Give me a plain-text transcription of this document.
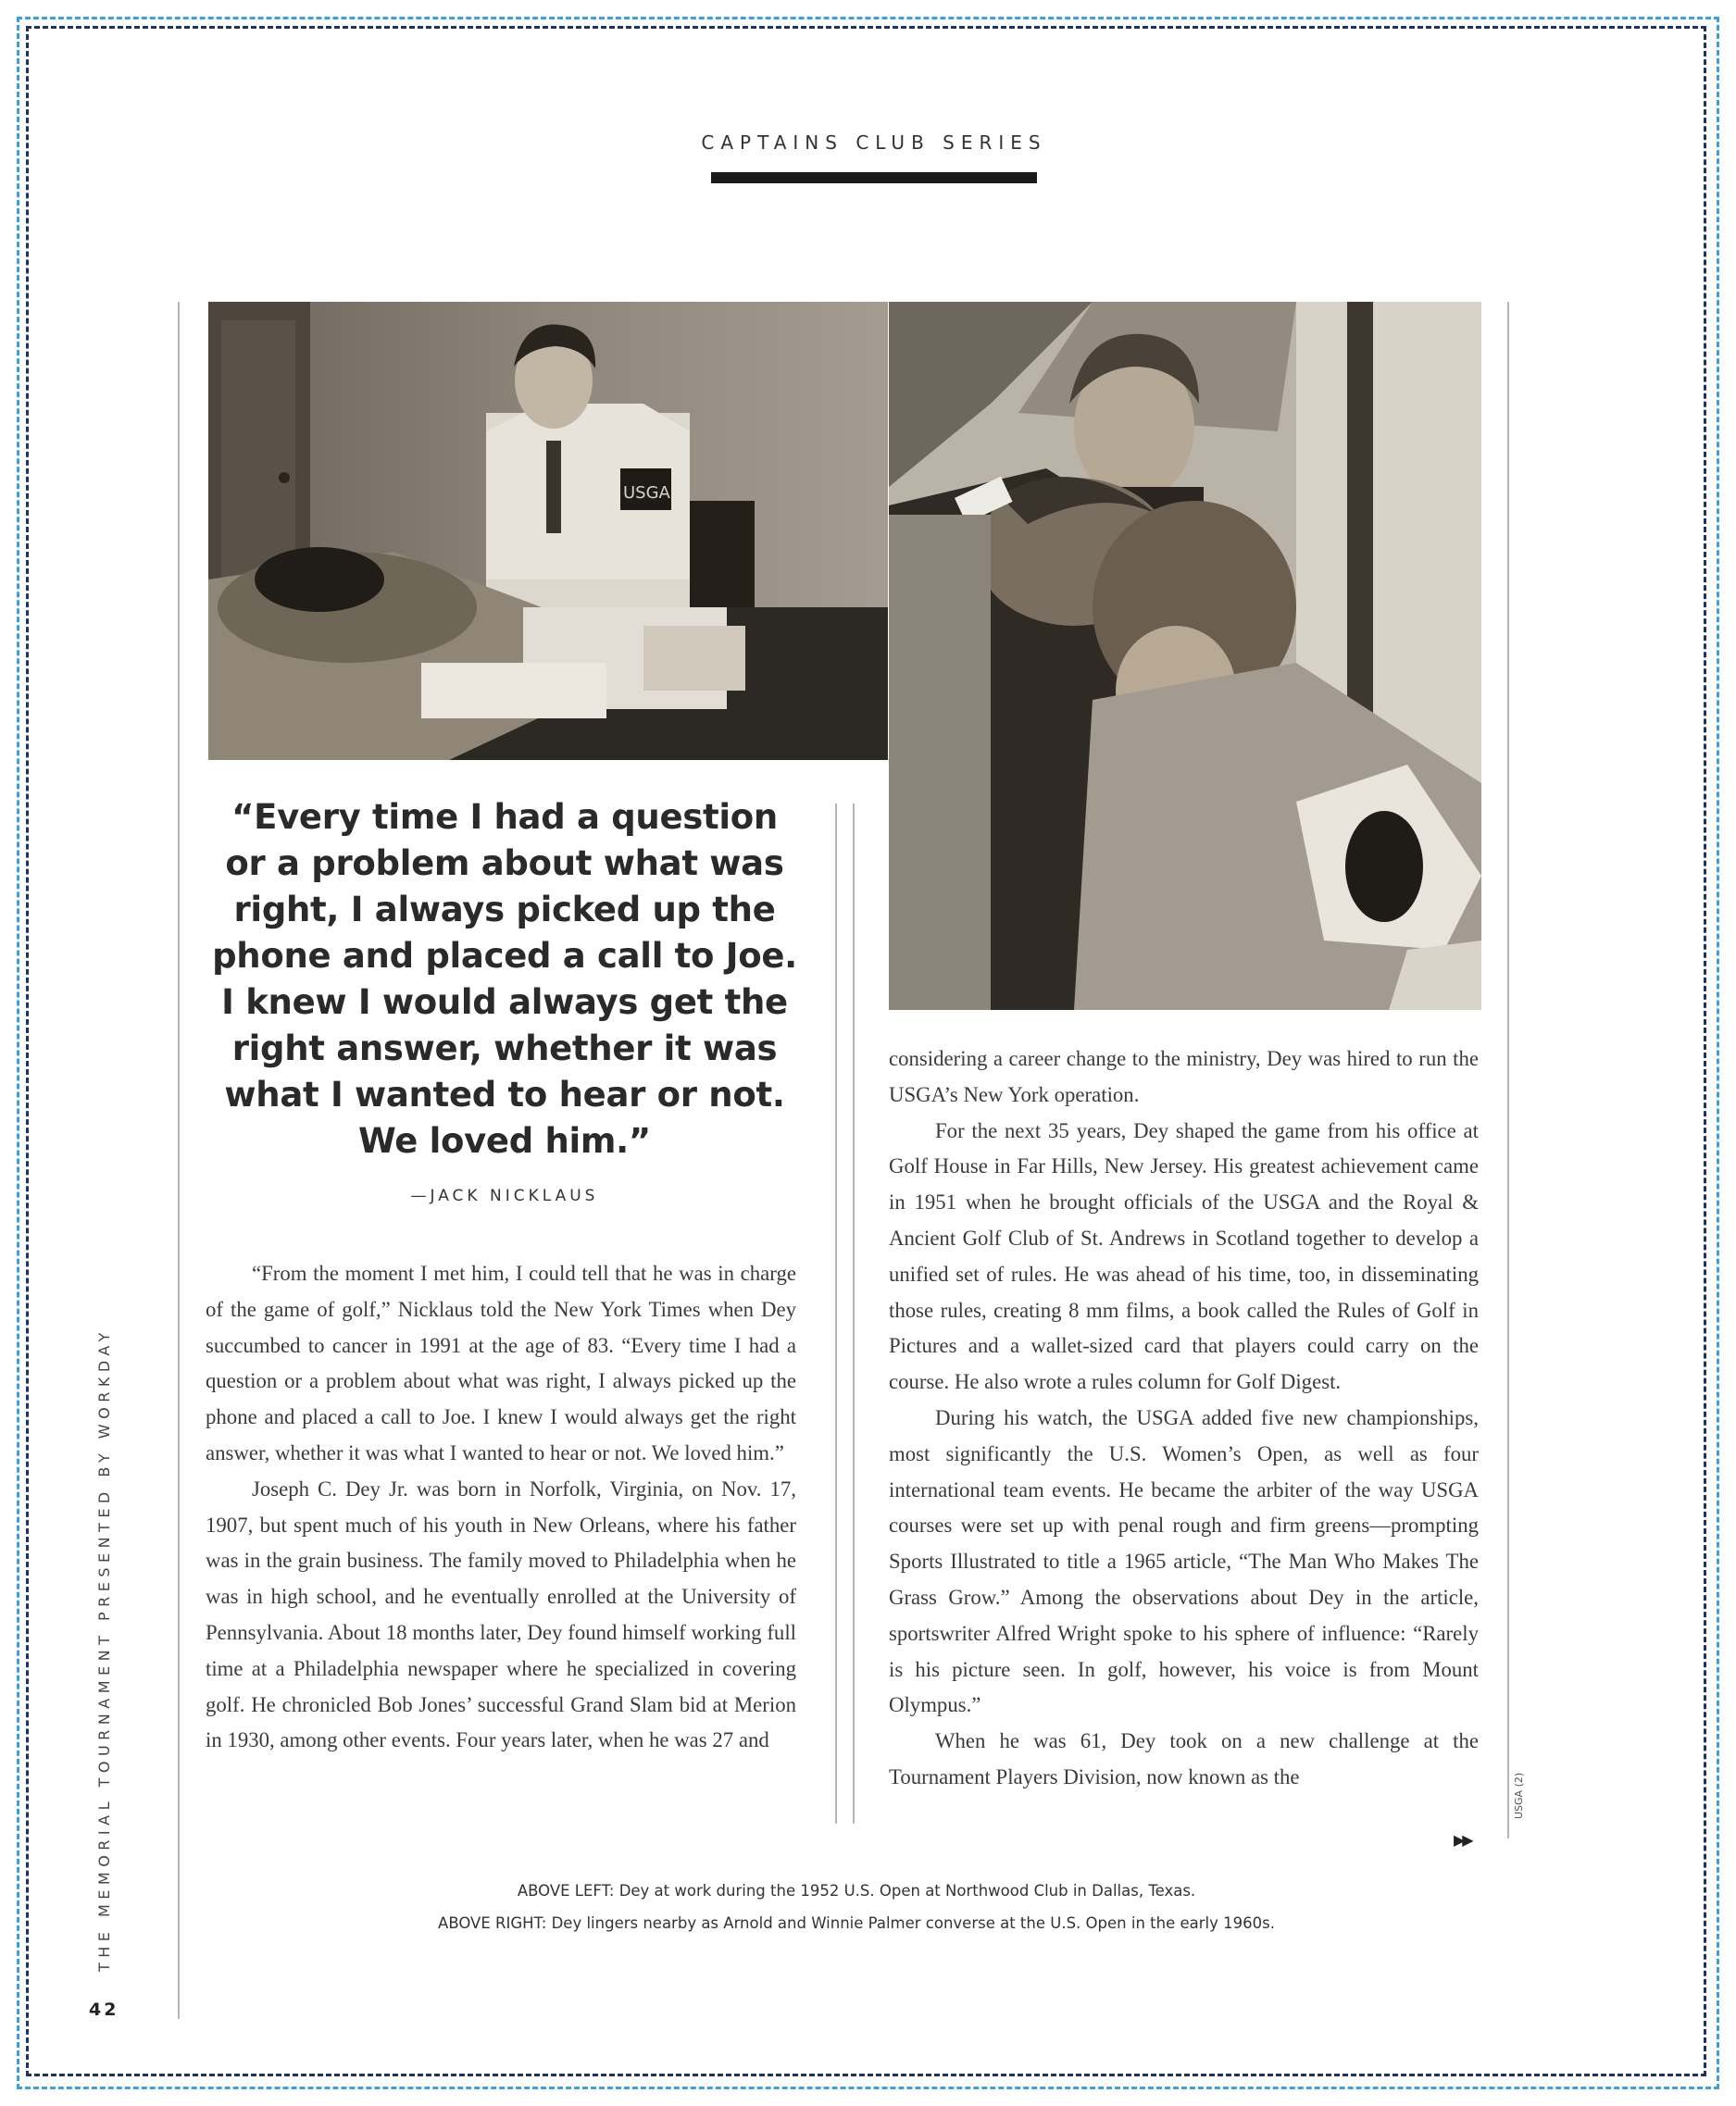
CAPTAINS CLUB SERIES
USGA
“Every time I had a question
or a problem about what was
right, I always picked up the
phone and placed a call to Joe.
I knew I would always get the
right answer, whether it was
what I wanted to hear or not.
We loved him.”
—JACK NICKLAUS

“From the moment I met him, I could tell that he was in charge of the game of golf,” Nicklaus told the New York Times when Dey succumbed to cancer in 1991 at the age of 83. “Every time I had a question or a problem about what was right, I always picked up the phone and placed a call to Joe. I knew I would always get the right answer, whether it was what I wanted to hear or not. We loved him.”

Joseph C. Dey Jr. was born in Norfolk, Virginia, on Nov. 17, 1907, but spent much of his youth in New Orleans, where his father was in the grain business. The family moved to Philadelphia when he was in high school, and he eventually enrolled at the University of Pennsylvania. About 18 months later, Dey found himself working full time at a Philadelphia newspaper where he specialized in covering golf. He chronicled Bob Jones’ successful Grand Slam bid at Merion in 1930, among other events. Four years later, when he was 27 and

considering a career change to the ministry, Dey was hired to run the USGA’s New York operation.

For the next 35 years, Dey shaped the game from his office at Golf House in Far Hills, New Jersey. His greatest achievement came in 1951 when he brought officials of the USGA and the Royal & Ancient Golf Club of St. Andrews in Scotland together to develop a unified set of rules. He was ahead of his time, too, in disseminating those rules, creating 8 mm films, a book called the Rules of Golf in Pictures and a wallet-sized card that players could carry on the course. He also wrote a rules column for Golf Digest.

During his watch, the USGA added five new championships, most significantly the U.S. Women’s Open, as well as four international team events. He became the arbiter of the way USGA courses were set up with penal rough and firm greens—prompting Sports Illustrated to title a 1965 article, “The Man Who Makes The Grass Grow.” Among the observations about Dey in the article, sportswriter Alfred Wright spoke to his sphere of influence: “Rarely is his picture seen. In golf, however, his voice is from Mount Olympus.”

When he was 61, Dey took on a new challenge at the Tournament Players Division, now known as the

▶▶
USGA (2)
ABOVE LEFT: Dey at work during the 1952 U.S. Open at Northwood Club in Dallas, Texas.
ABOVE RIGHT: Dey lingers nearby as Arnold and Winnie Palmer converse at the U.S. Open in the early 1960s.
THE MEMORIAL TOURNAMENT PRESENTED BY WORKDAY
42
